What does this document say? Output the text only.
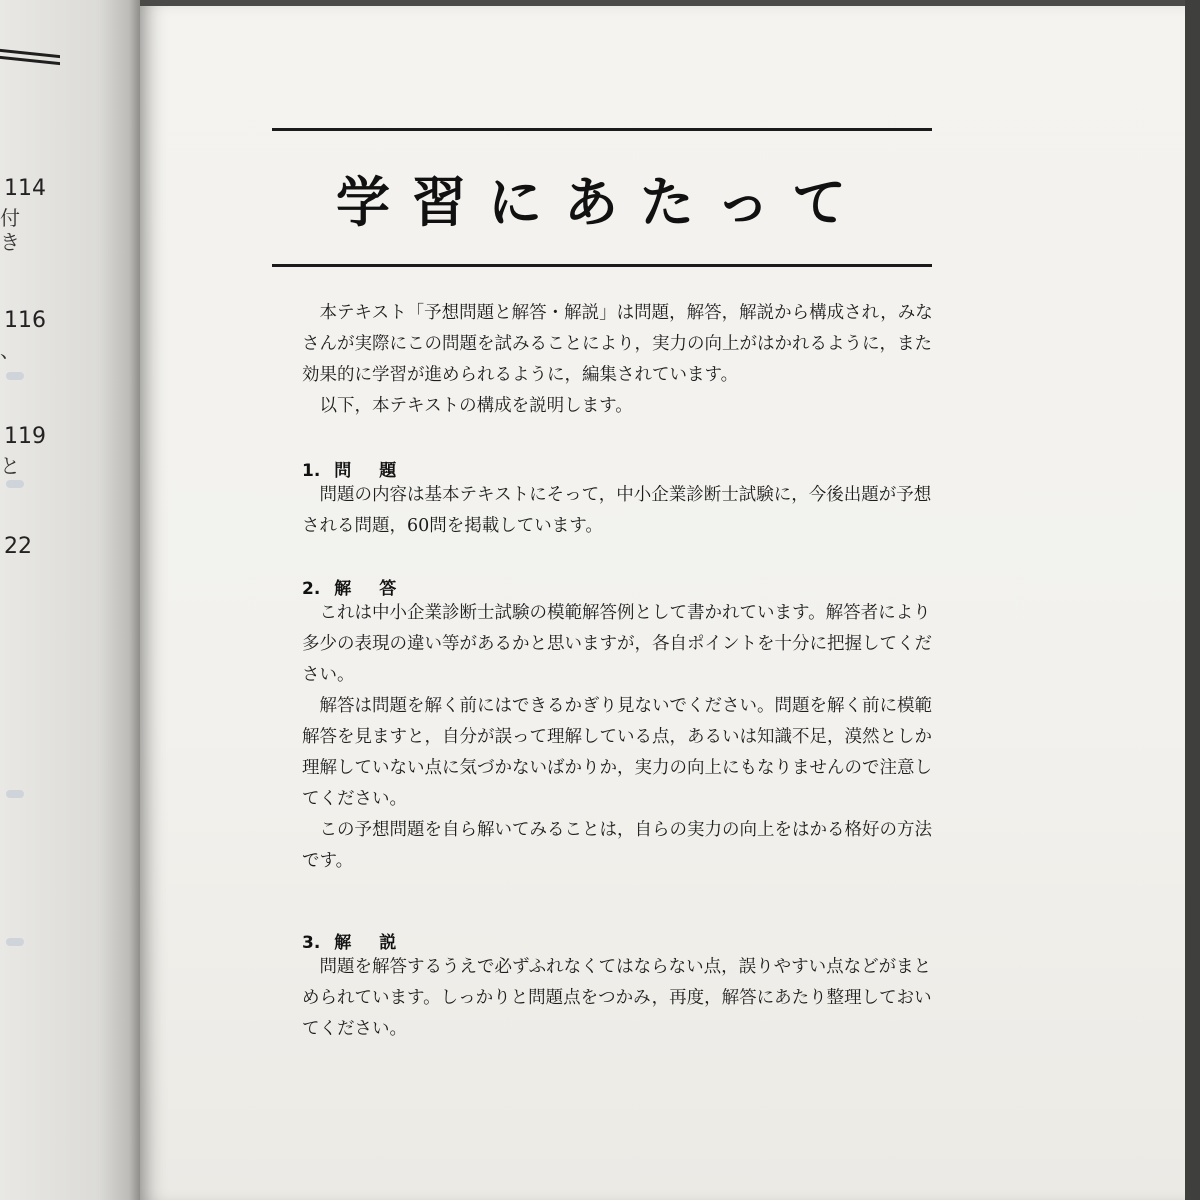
114
付
き
116
、
119
と
22
学習にあたって

本テキスト「予想問題と解答・解説」は問題，解答，解説から構成され，みなさんが実際にこの問題を試みることにより，実力の向上がはかれるように，また効果的に学習が進められるように，編集されています。

以下，本テキストの構成を説明します。

1. 問題

問題の内容は基本テキストにそって，中小企業診断士試験に，今後出題が予想される問題，60問を掲載しています。

2. 解答

これは中小企業診断士試験の模範解答例として書かれています。解答者により多少の表現の違い等があるかと思いますが，各自ポイントを十分に把握してください。

解答は問題を解く前にはできるかぎり見ないでください。問題を解く前に模範解答を見ますと，自分が誤って理解している点，あるいは知識不足，漠然としか理解していない点に気づかないばかりか，実力の向上にもなりませんので注意してください。

この予想問題を自ら解いてみることは，自らの実力の向上をはかる格好の方法です。

3. 解説

問題を解答するうえで必ずふれなくてはならない点，誤りやすい点などがまとめられています。しっかりと問題点をつかみ，再度，解答にあたり整理しておいてください。
